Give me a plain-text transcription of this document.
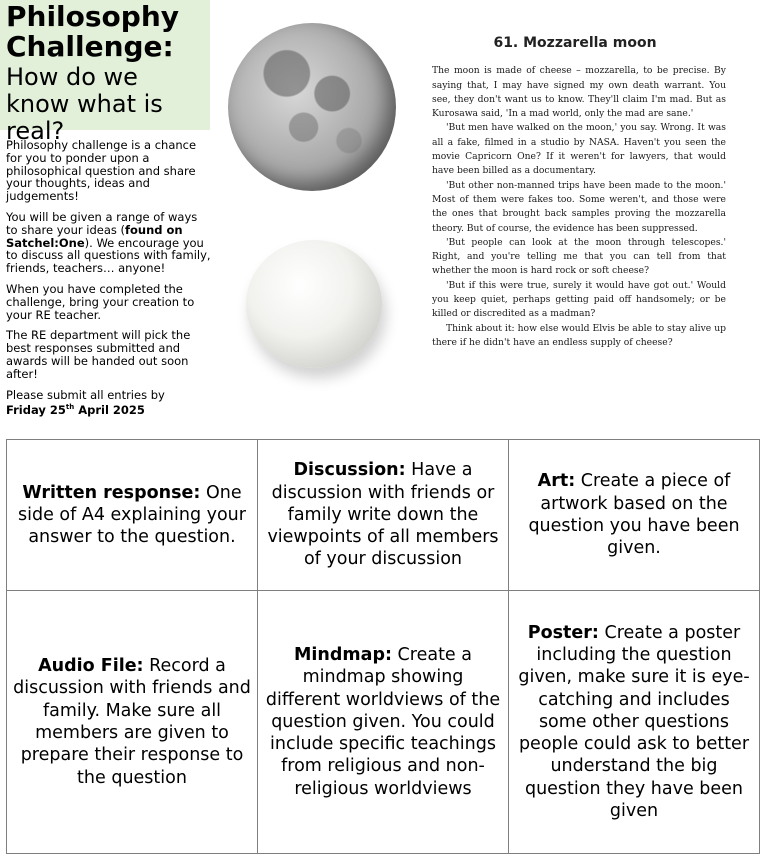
Philosophy Challenge:
How do we know what is real?

Philosophy challenge is a chance for you to ponder upon a philosophical question and share your thoughts, ideas and judgements!

You will be given a range of ways to share your ideas (found on Satchel:One). We encourage you to discuss all questions with family, friends, teachers… anyone!

When you have completed the challenge, bring your creation to your RE teacher.

The RE department will pick the best responses submitted and awards will be handed out soon after!

Please submit all entries by
Friday 25th April 2025

61. Mozzarella moon

The moon is made of cheese – mozzarella, to be precise. By saying that, I may have signed my own death warrant. You see, they don't want us to know. They'll claim I'm mad. But as Kurosawa said, 'In a mad world, only the mad are sane.'

'But men have walked on the moon,' you say. Wrong. It was all a fake, filmed in a studio by NASA. Haven't you seen the movie Capricorn One? If it weren't for lawyers, that would have been billed as a documentary.

'But other non-manned trips have been made to the moon.' Most of them were fakes too. Some weren't, and those were the ones that brought back samples proving the mozzarella theory. But of course, the evidence has been suppressed.

'But people can look at the moon through telescopes.' Right, and you're telling me that you can tell from that whether the moon is hard rock or soft cheese?

'But if this were true, surely it would have got out.' Would you keep quiet, perhaps getting paid off handsomely; or be killed or discredited as a madman?

Think about it: how else would Elvis be able to stay alive up there if he didn't have an endless supply of cheese?

Written response: One side of A4 explaining your answer to the question.	Discussion: Have a discussion with friends or family write down the viewpoints of all members of your discussion	Art: Create a piece of artwork based on the question you have been given.
Audio File: Record a discussion with friends and family. Make sure all members are given to prepare their response to the question	Mindmap: Create a mindmap showing different worldviews of the question given. You could include specific teachings from religious and non-religious worldviews	Poster: Create a poster including the question given, make sure it is eye-catching and includes some other questions people could ask to better understand the big question they have been given
